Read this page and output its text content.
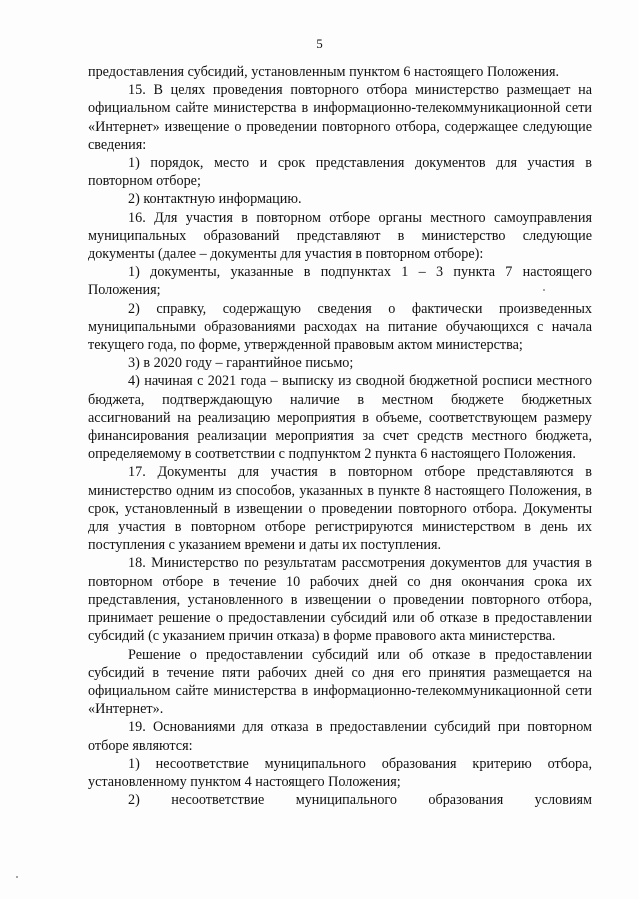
5

предоставления субсидий, установленным пунктом 6 настоящего Положения.

15. В целях проведения повторного отбора министерство размещает на официальном сайте министерства в информационно-телекоммуникационной сети «Интернет» извещение о проведении повторного отбора, содержащее следующие сведения:

1) порядок, место и срок представления документов для участия в повторном отборе;

2) контактную информацию.

16. Для участия в повторном отборе органы местного самоуправления муниципальных образований представляют в министерство следующие документы (далее – документы для участия в повторном отборе):

1) документы, указанные в подпунктах 1 – 3 пункта 7 настоящего Положения;

2) справку, содержащую сведения о фактически произведенных муниципальными образованиями расходах на питание обучающихся с начала текущего года, по форме, утвержденной правовым актом министерства;

3) в 2020 году – гарантийное письмо;

4) начиная с 2021 года – выписку из сводной бюджетной росписи местного бюджета, подтверждающую наличие в местном бюджете бюджетных ассигнований на реализацию мероприятия в объеме, соответствующем размеру финансирования реализации мероприятия за счет средств местного бюджета, определяемому в соответствии с подпунктом 2 пункта 6 настоящего Положения.

17. Документы для участия в повторном отборе представляются в министерство одним из способов, указанных в пункте 8 настоящего Положения, в срок, установленный в извещении о проведении повторного отбора. Документы для участия в повторном отборе регистрируются министерством в день их поступления с указанием времени и даты их поступления.

18. Министерство по результатам рассмотрения документов для участия в повторном отборе в течение 10 рабочих дней со дня окончания срока их представления, установленного в извещении о проведении повторного отбора, принимает решение о предоставлении субсидий или об отказе в предоставлении субсидий (с указанием причин отказа) в форме правового акта министерства.

Решение о предоставлении субсидий или об отказе в предоставлении субсидий в течение пяти рабочих дней со дня его принятия размещается на официальном сайте министерства в информационно-телекоммуникационной сети «Интернет».

19. Основаниями для отказа в предоставлении субсидий при повторном отборе являются:

1) несоответствие муниципального образования критерию отбора, установленному пунктом 4 настоящего Положения;

2) несоответствие муниципального образования условиям
